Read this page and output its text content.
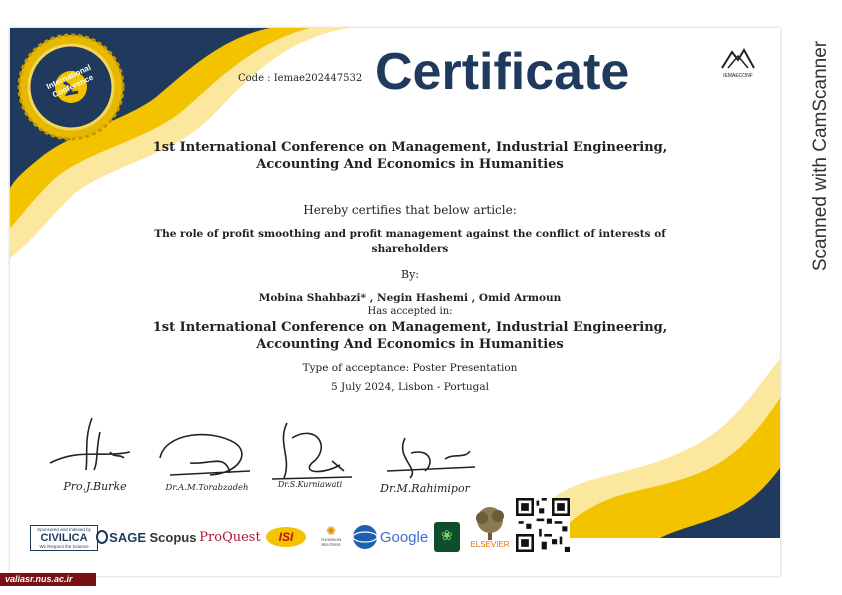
Scanned with CamScanner
International Conference	Code : Iemae202447532 Certificate	IEMAECONF
1st International Conference on Management, Industrial Engineering,
Accounting And Economics in Humanities
Hereby certifies that below article:
The role of profit smoothing and profit management against the conflict of interests of
shareholders
By:
Mobina Shahbazi* , Negin Hashemi , Omid Armoun
Has accepted in:
1st International Conference on Management, Industrial Engineering,
Accounting And Economics in Humanities
Type of acceptance: Poster Presentation
5 July 2024, Lisbon - Portugal
Pro.J.Burke	Dr.A.M.Torabzadeh	Dr.S.Kurniawati	Dr.M.Rahimipor
Sponsored and Indexed by
CIVILICA
We Respect the Science
SAGE Scopus ProQuest ISI	✺
THOMSON REUTERS	Google ❀
ELSEVIER
valiasr.nus.ac.ir
